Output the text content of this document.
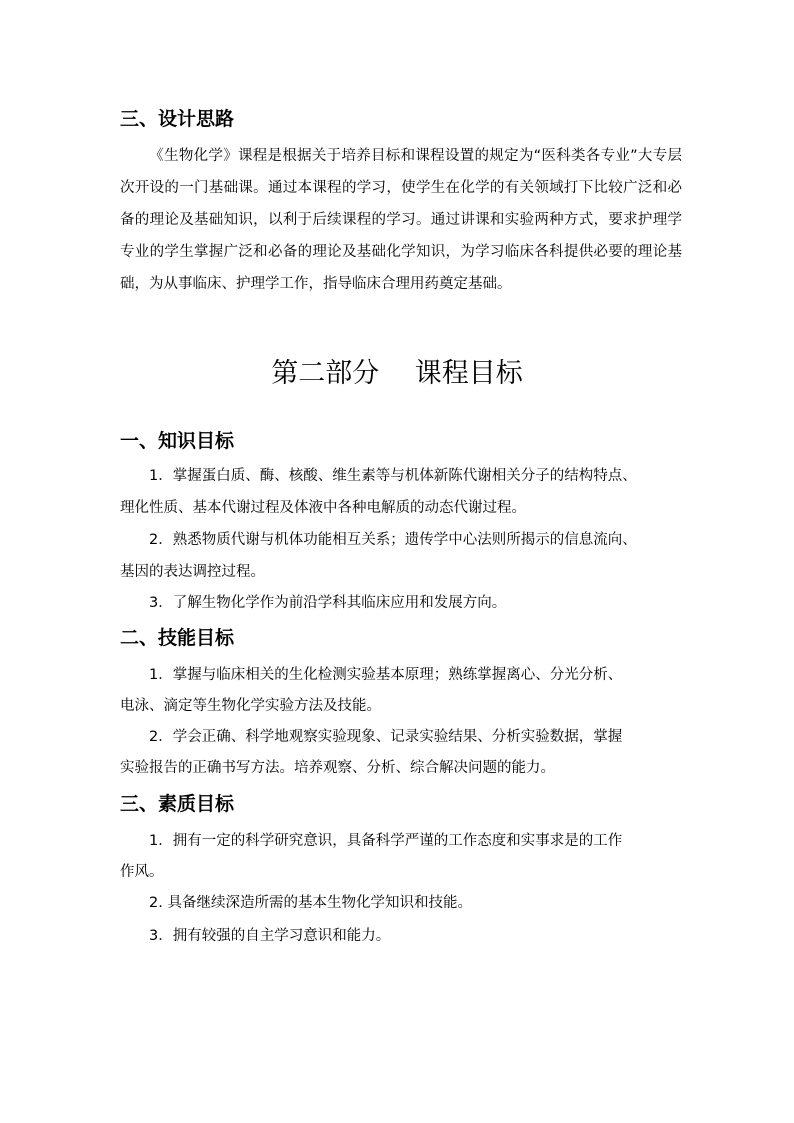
三、设计思路

《生物化学》课程是根据关于培养目标和课程设置的规定为“医科类各专业”大专层次开设的一门基础课。通过本课程的学习，使学生在化学的有关领域打下比较广泛和必备的理论及基础知识，以利于后续课程的学习。通过讲课和实验两种方式，要求护理学专业的学生掌握广泛和必备的理论及基础化学知识，为学习临床各科提供必要的理论基础，为从事临床、护理学工作，指导临床合理用药奠定基础。

第二部分　 课程目标
一、知识目标

1．掌握蛋白质、酶、核酸、维生素等与机体新陈代谢相关分子的结构特点、

理化性质、基本代谢过程及体液中各种电解质的动态代谢过程。

2．熟悉物质代谢与机体功能相互关系；遗传学中心法则所揭示的信息流向、

基因的表达调控过程。

3．了解生物化学作为前沿学科其临床应用和发展方向。

二、技能目标

1．掌握与临床相关的生化检测实验基本原理；熟练掌握离心、分光分析、

电泳、滴定等生物化学实验方法及技能。

2．学会正确、科学地观察实验现象、记录实验结果、分析实验数据，掌握

实验报告的正确书写方法。培养观察、分析、综合解决问题的能力。

三、素质目标

1．拥有一定的科学研究意识，具备科学严谨的工作态度和实事求是的工作

作风。

2. 具备继续深造所需的基本生物化学知识和技能。

3．拥有较强的自主学习意识和能力。
